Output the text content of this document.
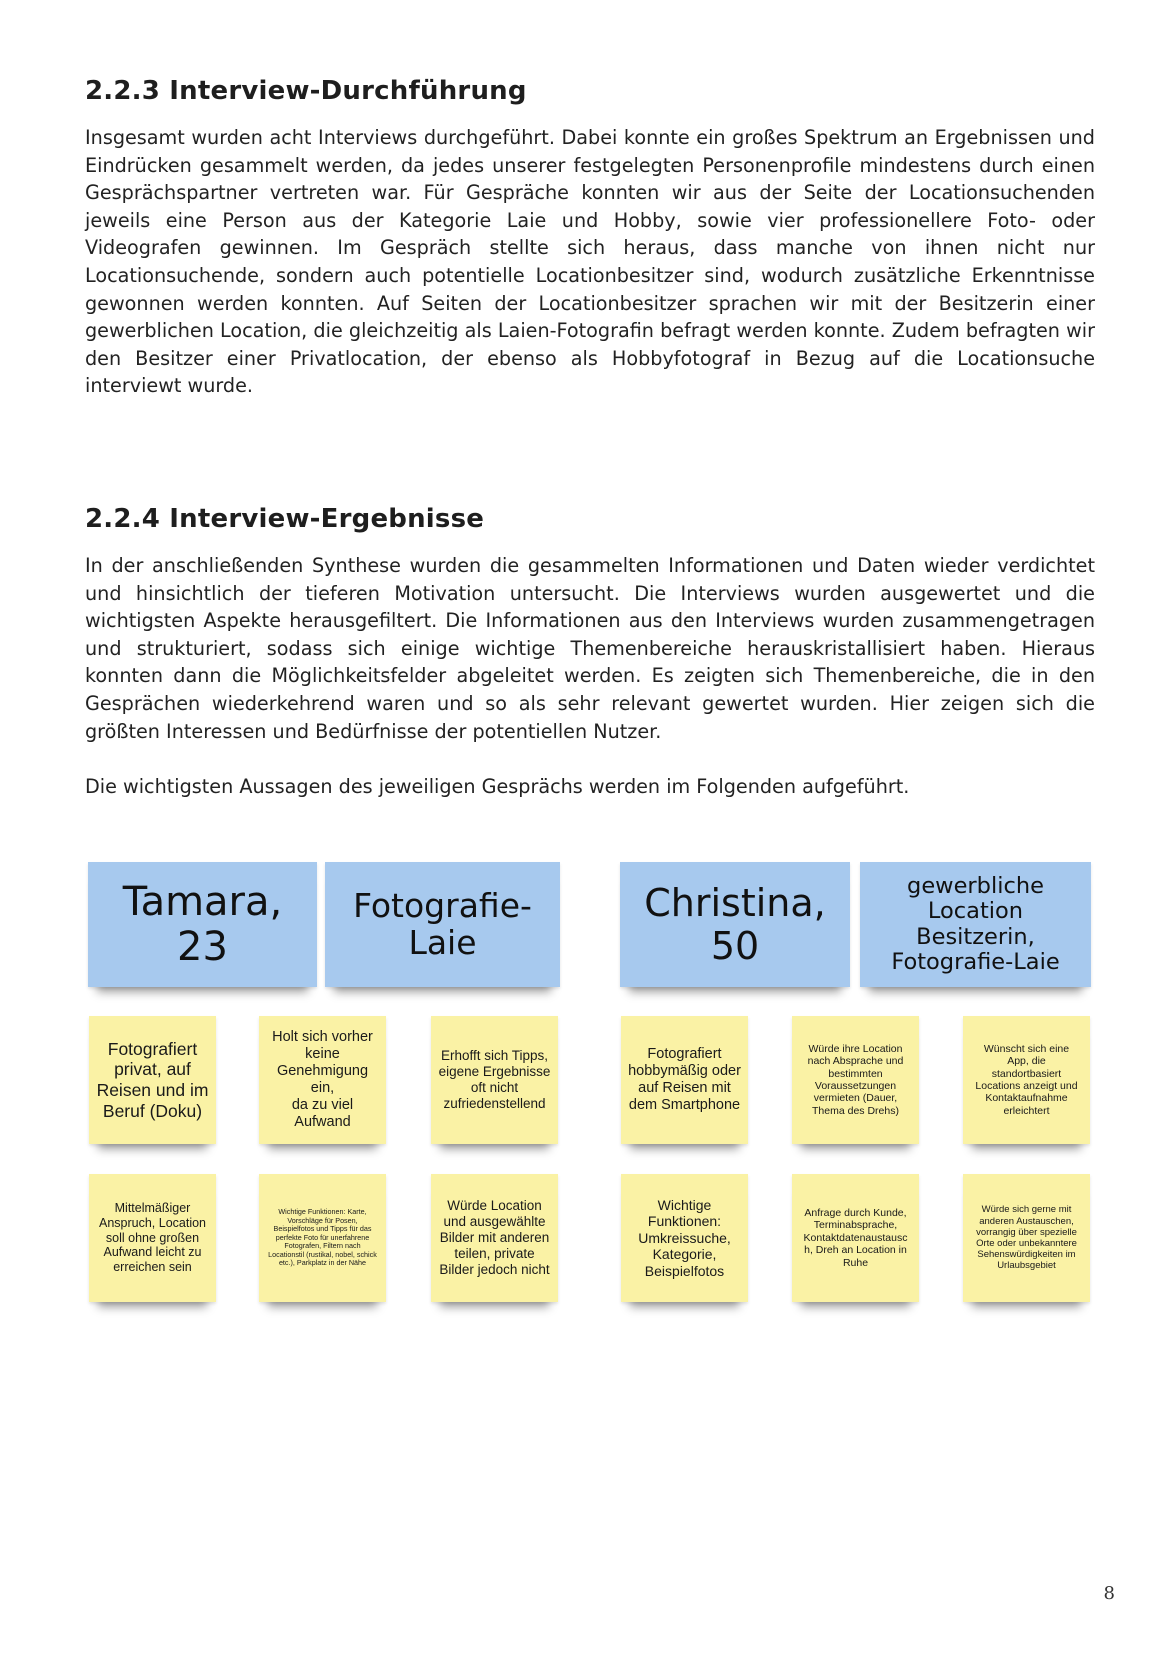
2.2.3 Interview-Durchführung

Insgesamt wurden acht Interviews durchgeführt. Dabei konnte ein großes Spektrum an Ergebnissen und Eindrücken gesammelt werden, da jedes unserer festgelegten Personenprofile mindestens durch einen Gesprächspartner vertreten war. Für Gespräche konnten wir aus der Seite der Locationsuchenden jeweils eine Person aus der Kategorie Laie und Hobby, sowie vier professionellere Foto- oder Videografen gewinnen. Im Gespräch stellte sich heraus, dass manche von ihnen nicht nur Locationsuchende, sondern auch potentielle Locationbesitzer sind, wodurch zusätzliche Erkenntnisse gewonnen werden konnten. Auf Seiten der Locationbesitzer sprachen wir mit der Besitzerin einer gewerblichen Location, die gleichzeitig als Laien-Fotografin befragt werden konnte. Zudem befragten wir den Besitzer einer Privatlocation, der ebenso als Hobbyfotograf in Bezug auf die Locationsuche interviewt wurde.

2.2.4 Interview-Ergebnisse

In der anschließenden Synthese wurden die gesammelten Informationen und Daten wieder verdichtet und hinsichtlich der tieferen Motivation untersucht. Die Interviews wurden ausgewertet und die wichtigsten Aspekte herausgefiltert. Die Informationen aus den Interviews wurden zusammengetragen und strukturiert, sodass sich einige wichtige Themenbereiche herauskristallisiert haben. Hieraus konnten dann die Möglichkeitsfelder abgeleitet werden. Es zeigten sich Themenbereiche, die in den Gesprächen wiederkehrend waren und so als sehr relevant gewertet wurden. Hier zeigen sich die größten Interessen und Bedürfnisse der potentiellen Nutzer.

Die wichtigsten Aussagen des jeweiligen Gesprächs werden im Folgenden aufgeführt.

Tamara, 23
Fotografie-
Laie
Fotografiert
privat, auf
Reisen und im
Beruf (Doku)
Holt sich vorher
keine
Genehmigung ein,
da zu viel
Aufwand
Erhofft sich Tipps,
eigene Ergebnisse
oft nicht
zufriedenstellend
Mittelmäßiger
Anspruch, Location
soll ohne großen
Aufwand leicht zu
erreichen sein
Wichtige Funktionen: Karte,
Vorschläge für Posen,
Beispielfotos und Tipps für das
perfekte Foto für unerfahrene
Fotografen, Filtern nach
Locationstil (rustikal, nobel, schick
etc.), Parkplatz in der Nähe
Würde Location
und ausgewählte
Bilder mit anderen
teilen, private
Bilder jedoch nicht
Christina,
50
gewerbliche Location
Besitzerin,
Fotografie-Laie
Fotografiert
hobbymäßig oder
auf Reisen mit
dem Smartphone
Würde ihre Location
nach Absprache und
bestimmten
Voraussetzungen
vermieten (Dauer,
Thema des Drehs)
Wünscht sich eine
App, die
standortbasiert
Locations anzeigt und
Kontaktaufnahme
erleichtert
Wichtige
Funktionen:
Umkreissuche,
Kategorie,
Beispielfotos
Anfrage durch Kunde,
Terminabsprache,
Kontaktdatenaustausc
h, Dreh an Location in
Ruhe
Würde sich gerne mit
anderen Austauschen,
vorrangig über spezielle
Orte oder unbekanntere
Sehenswürdigkeiten im
Urlaubsgebiet
8
